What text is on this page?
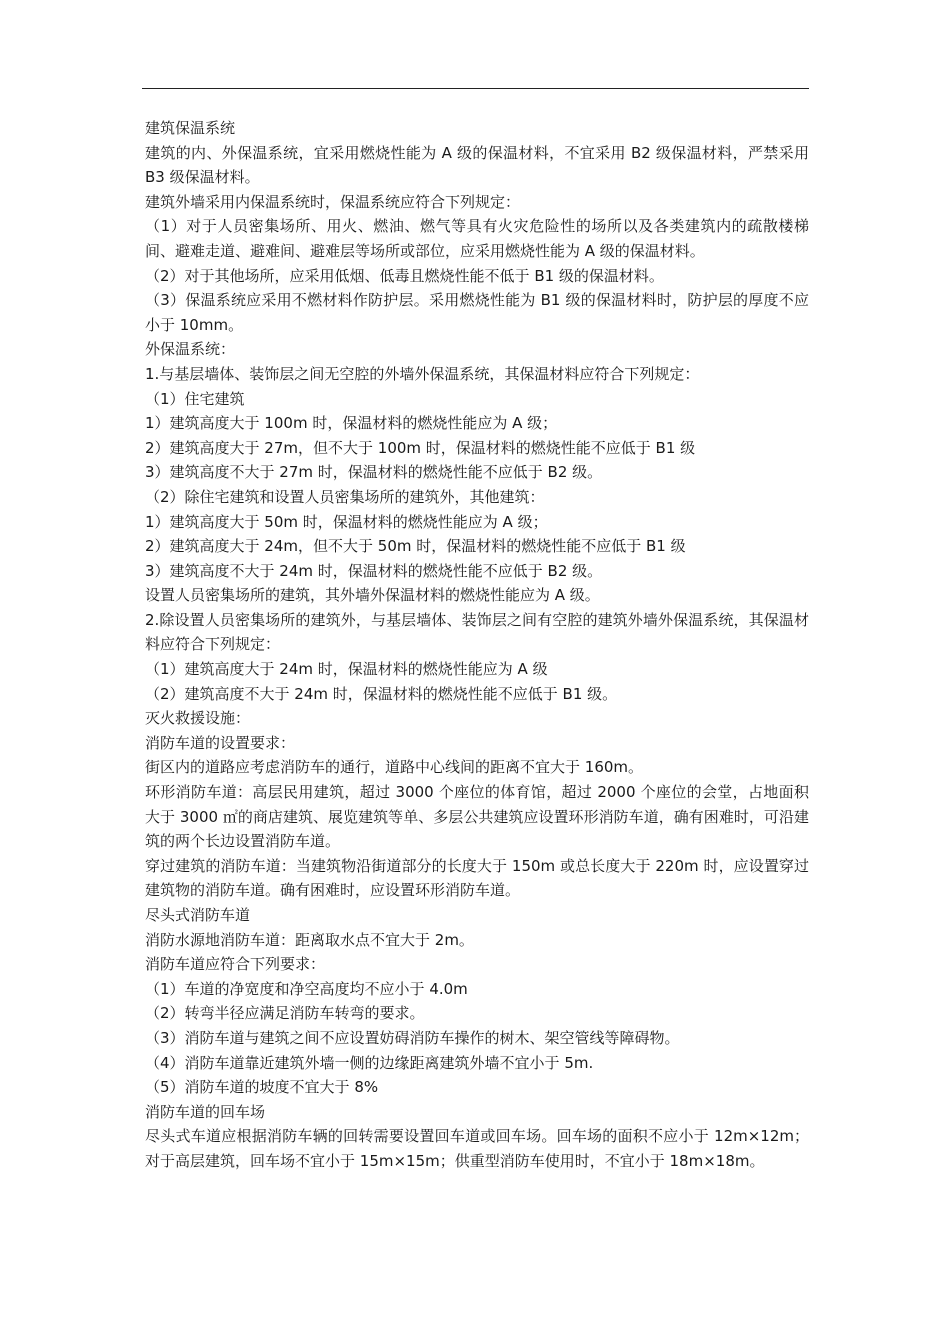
建筑保温系统

建筑的内、外保温系统，宜采用燃烧性能为 A 级的保温材料，不宜采用 B2 级保温材料，严禁采用 B3 级保温材料。

建筑外墙采用内保温系统时，保温系统应符合下列规定：

（1）对于人员密集场所、用火、燃油、燃气等具有火灾危险性的场所以及各类建筑内的疏散楼梯间、避难走道、避难间、避难层等场所或部位，应采用燃烧性能为 A 级的保温材料。

（2）对于其他场所，应采用低烟、低毒且燃烧性能不低于 B1 级的保温材料。

（3）保温系统应采用不燃材料作防护层。采用燃烧性能为 B1 级的保温材料时，防护层的厚度不应小于 10mm。

外保温系统：

1.与基层墙体、装饰层之间无空腔的外墙外保温系统，其保温材料应符合下列规定：

（1）住宅建筑

1）建筑高度大于 100m 时，保温材料的燃烧性能应为 A 级；

2）建筑高度大于 27m，但不大于 100m 时，保温材料的燃烧性能不应低于 B1 级

3）建筑高度不大于 27m 时，保温材料的燃烧性能不应低于 B2 级。

（2）除住宅建筑和设置人员密集场所的建筑外，其他建筑：

1）建筑高度大于 50m 时，保温材料的燃烧性能应为 A 级；

2）建筑高度大于 24m，但不大于 50m 时，保温材料的燃烧性能不应低于 B1 级

3）建筑高度不大于 24m 时，保温材料的燃烧性能不应低于 B2 级。

设置人员密集场所的建筑，其外墙外保温材料的燃烧性能应为 A 级。

2.除设置人员密集场所的建筑外，与基层墙体、装饰层之间有空腔的建筑外墙外保温系统，其保温材料应符合下列规定：

（1）建筑高度大于 24m 时，保温材料的燃烧性能应为 A 级

（2）建筑高度不大于 24m 时，保温材料的燃烧性能不应低于 B1 级。

灭火救援设施：

消防车道的设置要求：

街区内的道路应考虑消防车的通行，道路中心线间的距离不宜大于 160m。

环形消防车道：高层民用建筑，超过 3000 个座位的体育馆，超过 2000 个座位的会堂，占地面积大于 3000 ㎡的商店建筑、展览建筑等单、多层公共建筑应设置环形消防车道，确有困难时，可沿建筑的两个长边设置消防车道。

穿过建筑的消防车道：当建筑物沿街道部分的长度大于 150m 或总长度大于 220m 时，应设置穿过建筑物的消防车道。确有困难时，应设置环形消防车道。

尽头式消防车道

消防水源地消防车道：距离取水点不宜大于 2m。

消防车道应符合下列要求：

（1）车道的净宽度和净空高度均不应小于 4.0m

（2）转弯半径应满足消防车转弯的要求。

（3）消防车道与建筑之间不应设置妨碍消防车操作的树木、架空管线等障碍物。

（4）消防车道靠近建筑外墙一侧的边缘距离建筑外墙不宜小于 5m.

（5）消防车道的坡度不宜大于 8%

消防车道的回车场

尽头式车道应根据消防车辆的回转需要设置回车道或回车场。回车场的面积不应小于 12m×12m；对于高层建筑，回车场不宜小于 15m×15m；供重型消防车使用时，不宜小于 18m×18m。
